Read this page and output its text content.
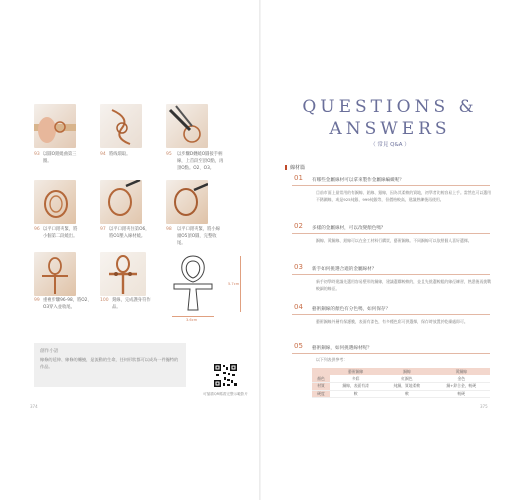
93 以圓O鉗繞曲第三圈。
94 將线環取。	95 以步驟D纏繞O圓接手柄線，上首段至頂O點，再頂O點。O2、O3。
96 以平口鉗夾緊，將小個第二段繞出。
97 以平口鉗夾住第O6，將O1壓入線材繞。
98 以平口鉗夾緊，將小線頭O5頂O圓，完整收尾。
99 重複步驟96-98，將O2、O3穿入並收尾。
100 刻線，完成護身符作品。
5.7cm
3.6cm
創作小語
線條的延伸、線條的纏繞，是流動的生命，任何形狀都可以成為一件獨特的作品。
可掃描QR碼看完整示範影片
374
QUESTIONS &
ANSWERS
（ 常見 Q&A ）
線材篇
01 有哪些金屬線材可以拿來製作金屬線編織呢？
目前市面上最常用的有銅線、鋁線、銀線，因為其柔軟的質地，初學者比較容易上手。當然也可以選用不銹鋼線，或是925純銀、999純銀等，但價格較高，建議熟練後再使用。
02 多樣的金屬線材，可以改變顏色嗎？
銅線、黃銅線、鋁線可以在金工材料行購買，藝術銅線。不同銅線可以依照個人喜好選擇。
03 新手如何挑選合適的金屬線材？
新手初學時建議先選用容易塑形的銅線，建議選購較軟的，並且先挑選較粗的線徑練習，熟悉後再挑戰較細的線徑。
04 藝術銅線的顏色有分色嗎，如何保存？
藝術銅線外層有保護膜，表面有漆色，有多種色彩可供選擇，保存時放置於乾燥處即可。
05 藝術銅線，如何挑選線材呢？
以下列表供參考：
	藝術銅線	銅線	黃銅線
顏色	多彩	紅銅色	金色
材質	銅線，表面有漆	純銅，質地柔軟	銅+鋅合金，較硬
硬度	軟	軟	較硬
375
